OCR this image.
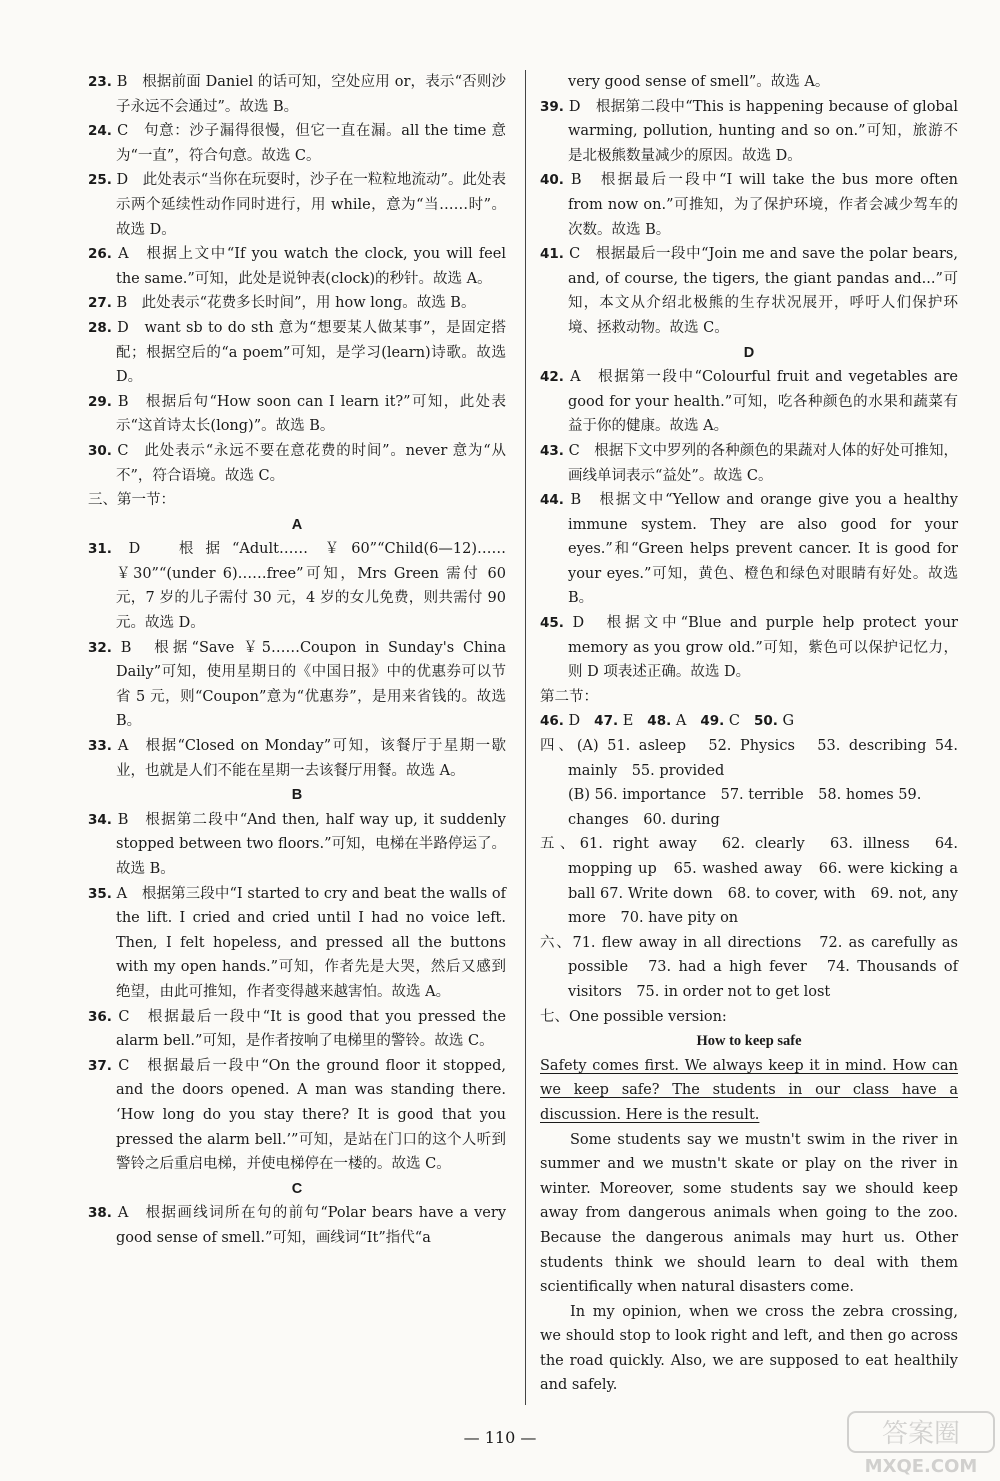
23. B　根据前面 Daniel 的话可知，空处应用 or，表示“否则沙子永远不会通过”。故选 B。
24. C　句意：沙子漏得很慢，但它一直在漏。all the time 意为“一直”，符合句意。故选 C。
25. D　此处表示“当你在玩耍时，沙子在一粒粒地流动”。此处表示两个延续性动作同时进行，用 while，意为“当……时”。故选 D。
26. A　根据上文中“If you watch the clock, you will feel the same.”可知，此处是说钟表(clock)的秒针。故选 A。
27. B　此处表示“花费多长时间”，用 how long。故选 B。
28. D　want sb to do sth 意为“想要某人做某事”，是固定搭配；根据空后的“a poem”可知，是学习(learn)诗歌。故选 D。
29. B　根据后句“How soon can I learn it?”可知，此处表示“这首诗太长(long)”。故选 B。
30. C　此处表示“永远不要在意花费的时间”。never 意为“从不”，符合语境。故选 C。
三、第一节：
A
31. D　根据“Adult…… ￥60”“Child(6—12)……￥30”“(under 6)……free”可知，Mrs Green 需付 60 元，7 岁的儿子需付 30 元，4 岁的女儿免费，则共需付 90 元。故选 D。
32. B　根据“Save ￥5……Coupon in Sunday's China Daily”可知，使用星期日的《中国日报》中的优惠券可以节省 5 元，则“Coupon”意为“优惠券”，是用来省钱的。故选 B。
33. A　根据“Closed on Monday”可知，该餐厅于星期一歇业，也就是人们不能在星期一去该餐厅用餐。故选 A。
B
34. B　根据第二段中“And then, half way up, it suddenly stopped between two floors.”可知，电梯在半路停运了。故选 B。
35. A　根据第三段中“I started to cry and beat the walls of the lift. I cried and cried until I had no voice left. Then, I felt hopeless, and pressed all the buttons with my open hands.”可知，作者先是大哭，然后又感到绝望，由此可推知，作者变得越来越害怕。故选 A。
36. C　根据最后一段中“It is good that you pressed the alarm bell.”可知，是作者按响了电梯里的警铃。故选 C。
37. C　根据最后一段中“On the ground floor it stopped, and the doors opened. A man was standing there. ‘How long do you stay there? It is good that you pressed the alarm bell.’”可知，是站在门口的这个人听到警铃之后重启电梯，并使电梯停在一楼的。故选 C。
C
38. A　根据画线词所在句的前句“Polar bears have a very good sense of smell.”可知，画线词“It”指代“a
very good sense of smell”。故选 A。
39. D　根据第二段中“This is happening because of global warming, pollution, hunting and so on.”可知，旅游不是北极熊数量减少的原因。故选 D。
40. B　根据最后一段中“I will take the bus more often from now on.”可推知，为了保护环境，作者会减少驾车的次数。故选 B。
41. C　根据最后一段中“Join me and save the polar bears, and, of course, the tigers, the giant pandas and...”可知，本文从介绍北极熊的生存状况展开，呼吁人们保护环境、拯救动物。故选 C。
D
42. A　根据第一段中“Colourful fruit and vegetables are good for your health.”可知，吃各种颜色的水果和蔬菜有益于你的健康。故选 A。
43. C　根据下文中罗列的各种颜色的果蔬对人体的好处可推知，画线单词表示“益处”。故选 C。
44. B　根据文中“Yellow and orange give you a healthy immune system. They are also good for your eyes.”和“Green helps prevent cancer. It is good for your eyes.”可知，黄色、橙色和绿色对眼睛有好处。故选 B。
45. D　根据文中“Blue and purple help protect your memory as you grow old.”可知，紫色可以保护记忆力，则 D 项表述正确。故选 D。
第二节：
46. D 47. E 48. A 49. C 50. G
四、(A) 51. asleep　52. Physics　53. describing 54. mainly　55. provided
(B) 56. importance　57. terrible　58. homes 59. changes　60. during
五、61. right away　62. clearly　63. illness　64. mopping up　65. washed away　66. were kicking a ball 67. Write down　68. to cover, with　69. not, any more　70. have pity on
六、71. flew away in all directions　72. as carefully as possible　73. had a high fever　74. Thousands of visitors　75. in order not to get lost
七、One possible version:
How to keep safe

Safety comes first. We always keep it in mind. How can we keep safe? The students in our class have a discussion. Here is the result.

Some students say we mustn't swim in the river in summer and we mustn't skate or play on the river in winter. Moreover, some students say we should keep away from dangerous animals when going to the zoo. Because the dangerous animals may hurt us. Other students think we should learn to deal with them scientifically when natural disasters come.

In my opinion, when we cross the zebra crossing, we should stop to look right and left, and then go across the road quickly. Also, we are supposed to eat healthily and safely.

— 110 —	答案圈
MXQE.COM
